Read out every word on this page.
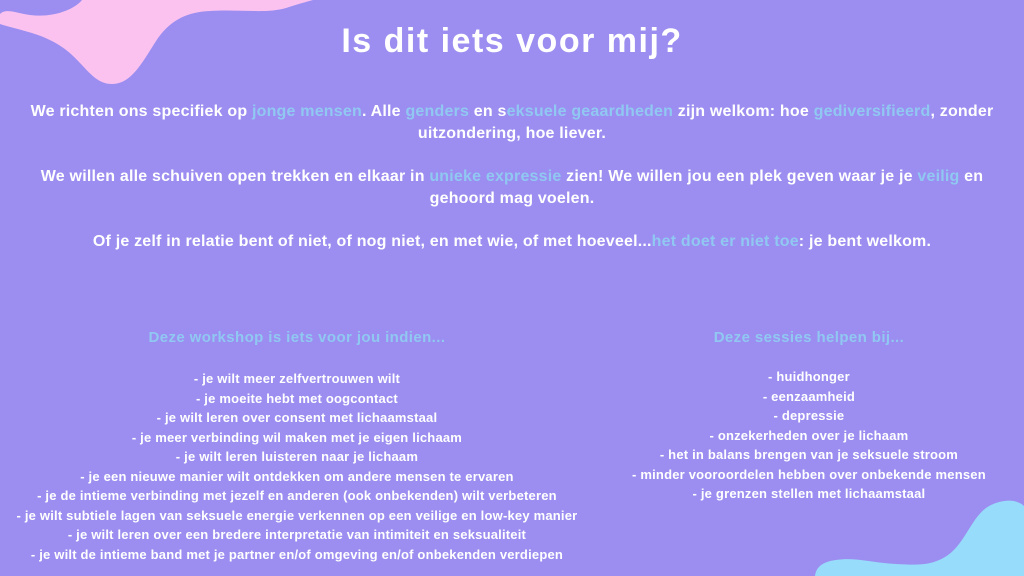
Is dit iets voor mij?

We richten ons specifiek op jonge mensen. Alle genders en seksuele geaardheden zijn welkom: hoe gediversifieerd, zonder uitzondering, hoe liever.

We willen alle schuiven open trekken en elkaar in unieke expressie zien! We willen jou een plek geven waar je je veilig en gehoord mag voelen.

Of je zelf in relatie bent of niet, of nog niet, en met wie, of met hoeveel...het doet er niet toe: je bent welkom.

Deze workshop is iets voor jou indien...
- je wilt meer zelfvertrouwen wilt
- je moeite hebt met oogcontact
- je wilt leren over consent met lichaamstaal
- je meer verbinding wil maken met je eigen lichaam
- je wilt leren luisteren naar je lichaam
- je een nieuwe manier wilt ontdekken om andere mensen te ervaren
- je de intieme verbinding met jezelf en anderen (ook onbekenden) wilt verbeteren
- je wilt subtiele lagen van seksuele energie verkennen op een veilige en low-key manier
- je wilt leren over een bredere interpretatie van intimiteit en seksualiteit
- je wilt de intieme band met je partner en/of omgeving en/of onbekenden verdiepen
Deze sessies helpen bij...
- huidhonger
- eenzaamheid
- depressie
- onzekerheden over je lichaam
- het in balans brengen van je seksuele stroom
- minder vooroordelen hebben over onbekende mensen
- je grenzen stellen met lichaamstaal
